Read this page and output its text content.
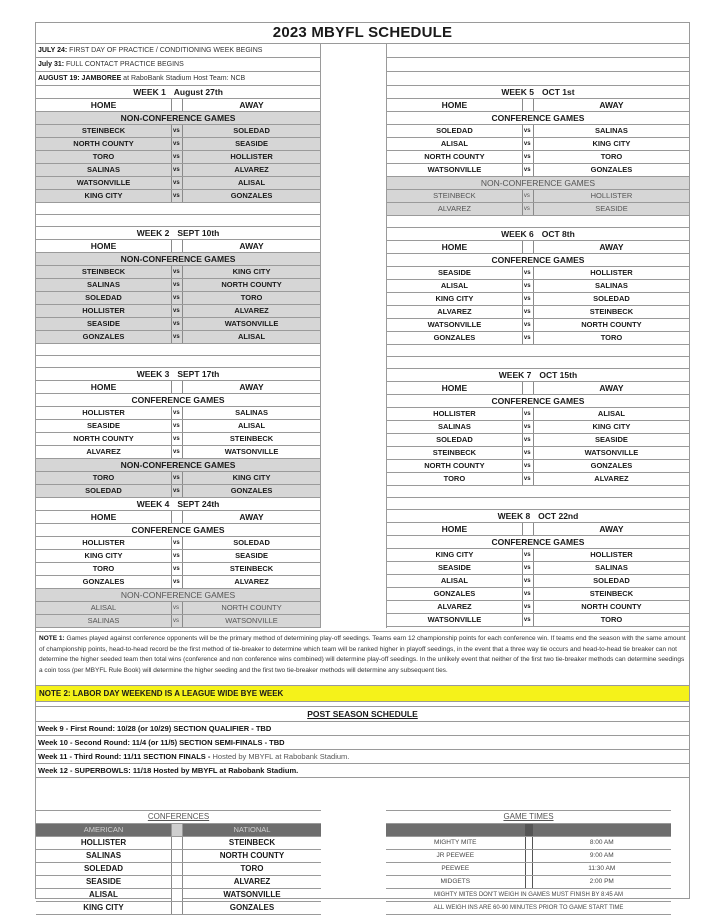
2023 MBYFL SCHEDULE
JULY 24: FIRST DAY OF PRACTICE / CONDITIONING WEEK BEGINS
July 31: FULL CONTACT PRACTICE BEGINS
AUGUST 19: JAMBOREE at RaboBank Stadium Host Team: NCB
WEEK 1 August 27th
HOME	AWAY
NON-CONFERENCE GAMES
STEINBECK	vs	SOLEDAD
NORTH COUNTY	vs	SEASIDE
TORO	vs	HOLLISTER
SALINAS	vs	ALVAREZ
WATSONVILLE	vs	ALISAL
KING CITY	vs	GONZALES
WEEK 2 SEPT 10th
HOME	AWAY
NON-CONFERENCE GAMES
STEINBECK	vs	KING CITY
SALINAS	vs	NORTH COUNTY
SOLEDAD	vs	TORO
HOLLISTER	vs	ALVAREZ
SEASIDE	vs	WATSONVILLE
GONZALES	vs	ALISAL
WEEK 3 SEPT 17th
HOME	AWAY
CONFERENCE GAMES
HOLLISTER	vs	SALINAS
SEASIDE	vs	ALISAL
NORTH COUNTY	vs	STEINBECK
ALVAREZ	vs	WATSONVILLE
NON-CONFERENCE GAMES
TORO	vs	KING CITY
SOLEDAD	vs	GONZALES
WEEK 4 SEPT 24th
HOME	AWAY
CONFERENCE GAMES
HOLLISTER	vs	SOLEDAD
KING CITY	vs	SEASIDE
TORO	vs	STEINBECK
GONZALES	vs	ALVAREZ
NON-CONFERENCE GAMES
ALISAL	vs	NORTH COUNTY
SALINAS	vs	WATSONVILLE
WEEK 5 OCT 1st
HOME	AWAY
CONFERENCE GAMES
SOLEDAD	vs	SALINAS
ALISAL	vs	KING CITY
NORTH COUNTY	vs	TORO
WATSONVILLE	vs	GONZALES
NON-CONFERENCE GAMES
STEINBECK	vs	HOLLISTER
ALVAREZ	vs	SEASIDE
WEEK 6 OCT 8th
HOME	AWAY
CONFERENCE GAMES
SEASIDE	vs	HOLLISTER
ALISAL	vs	SALINAS
KING CITY	vs	SOLEDAD
ALVAREZ	vs	STEINBECK
WATSONVILLE	vs	NORTH COUNTY
GONZALES	vs	TORO
WEEK 7 OCT 15th
HOME	AWAY
CONFERENCE GAMES
HOLLISTER	vs	ALISAL
SALINAS	vs	KING CITY
SOLEDAD	vs	SEASIDE
STEINBECK	vs	WATSONVILLE
NORTH COUNTY	vs	GONZALES
TORO	vs	ALVAREZ
WEEK 8 OCT 22nd
HOME	AWAY
CONFERENCE GAMES
KING CITY	vs	HOLLISTER
SEASIDE	vs	SALINAS
ALISAL	vs	SOLEDAD
GONZALES	vs	STEINBECK
ALVAREZ	vs	NORTH COUNTY
WATSONVILLE	vs	TORO
NOTE 1: Games played against conference opponents will be the primary method of determining play-off seedings. Teams earn 12 championship points for each conference win. If teams end the season with the same amount of championship points, head-to-head record be the first method of tie-breaker to determine which team will be ranked higher in playoff seedings, in the event that a three way tie occurs and head-to-head tie breaker can not determine the higher seeded team then total wins (conference and non conference wins combined) will determine play-off seedings. In the unlikely event that neither of the first two tie-breaker methods can determine seedings a coin toss (per MBYFL Rule Book) will determine the higher seeding and the first two tie-breaker methods will determine any subsequent ties.
NOTE 2: LABOR DAY WEEKEND IS A LEAGUE WIDE BYE WEEK
POST SEASON SCHEDULE
Week 9 - First Round: 10/28 (or 10/29) SECTION QUALIFIER - TBD
Week 10 - Second Round: 11/4 (or 11/5) SECTION SEMI-FINALS - TBD
Week 11 - Third Round: 11/11 SECTION FINALS - Hosted by MBYFL at Rabobank Stadium.
Week 12 - SUPERBOWLS: 11/18 Hosted by MBYFL at Rabobank Stadium.
CONFERENCES
AMERICAN	NATIONAL
HOLLISTER	STEINBECK
SALINAS	NORTH COUNTY
SOLEDAD	TORO
SEASIDE	ALVAREZ
ALISAL	WATSONVILLE
KING CITY	GONZALES
GAME TIMES
MIGHTY MITE	8:00 AM
JR PEEWEE	9:00 AM
PEEWEE	11:30 AM
MIDGETS	2:00 PM
MIGHTY MITES DON'T WEIGH IN GAMES MUST FINISH BY 8:45 AM
ALL WEIGH INS ARE 60-90 MINUTES PRIOR TO GAME START TIME
